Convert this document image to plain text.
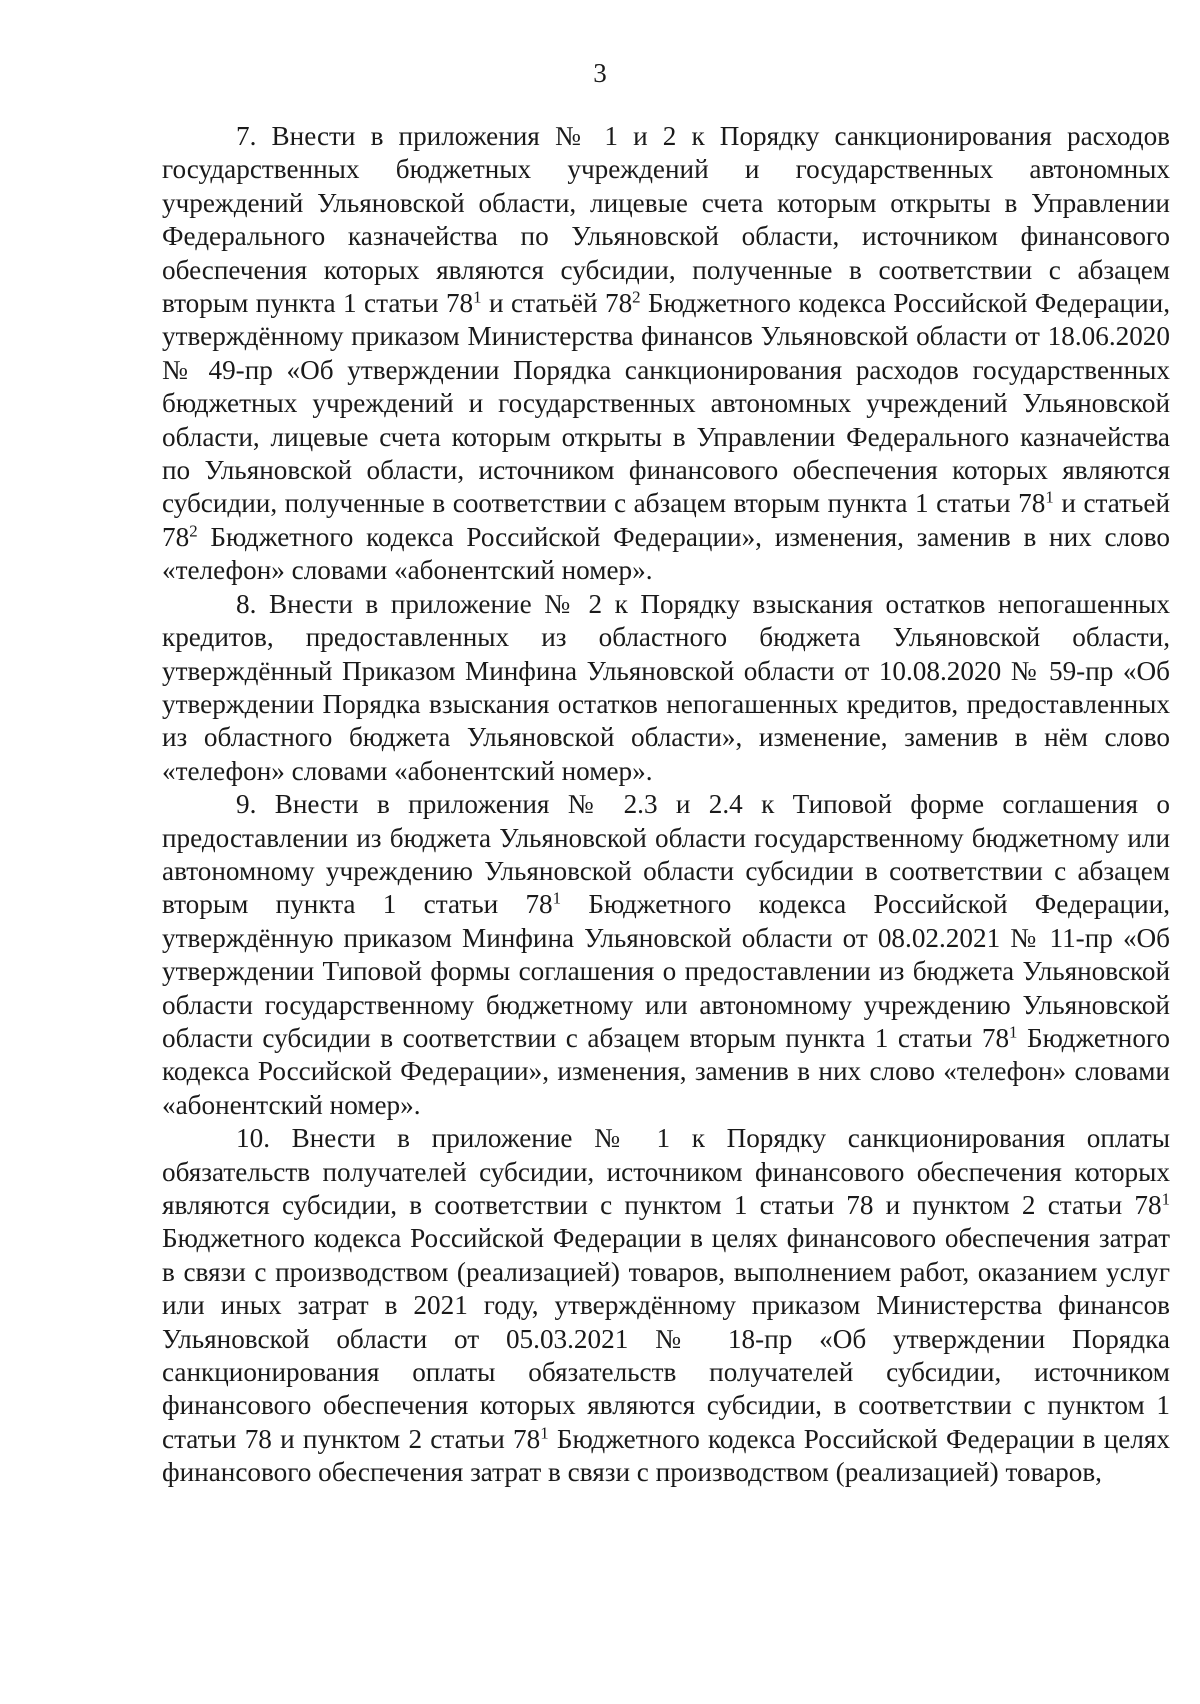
3

7. Внести в приложения № 1 и 2 к Порядку санкционирования расходов государственных бюджетных учреждений и государственных автономных учреждений Ульяновской области, лицевые счета которым открыты в Управлении Федерального казначейства по Ульяновской области, источником финансового обеспечения которых являются субсидии, полученные в соответствии с абзацем вторым пункта 1 статьи $78^1$ и статьёй $78^2$ Бюджетного кодекса Российской Федерации, утверждённому приказом Министерства финансов Ульяновской области от 18.06.2020 № 49-пр «Об утверждении Порядка санкционирования расходов государственных бюджетных учреждений и государственных автономных учреждений Ульяновской области, лицевые счета которым открыты в Управлении Федерального казначейства по Ульяновской области, источником финансового обеспечения которых являются субсидии, полученные в соответствии с абзацем вторым пункта 1 статьи $78^1$ и статьей $78^2$ Бюджетного кодекса Российской Федерации», изменения, заменив в них слово «телефон» словами «абонентский номер».

8. Внести в приложение № 2 к Порядку взыскания остатков непогашенных кредитов, предоставленных из областного бюджета Ульяновской области, утверждённый Приказом Минфина Ульяновской области от 10.08.2020 № 59-пр «Об утверждении Порядка взыскания остатков непогашенных кредитов, предоставленных из областного бюджета Ульяновской области», изменение, заменив в нём слово «телефон» словами «абонентский номер».

9. Внести в приложения № 2.3 и 2.4 к Типовой форме соглашения о предоставлении из бюджета Ульяновской области государственному бюджетному или автономному учреждению Ульяновской области субсидии в соответствии с абзацем вторым пункта 1 статьи $78^1$ Бюджетного кодекса Российской Федерации, утверждённую приказом Минфина Ульяновской области от 08.02.2021 № 11-пр «Об утверждении Типовой формы соглашения о предоставлении из бюджета Ульяновской области государственному бюджетному или автономному учреждению Ульяновской области субсидии в соответствии с абзацем вторым пункта 1 статьи $78^1$ Бюджетного кодекса Российской Федерации», изменения, заменив в них слово «телефон» словами «абонентский номер».

10. Внести в приложение № 1 к Порядку санкционирования оплаты обязательств получателей субсидии, источником финансового обеспечения которых являются субсидии, в соответствии с пунктом 1 статьи 78 и пунктом 2 статьи $78^1$ Бюджетного кодекса Российской Федерации в целях финансового обеспечения затрат в связи с производством (реализацией) товаров, выполнением работ, оказанием услуг или иных затрат в 2021 году, утверждённому приказом Министерства финансов Ульяновской области от 05.03.2021 № 18-пр «Об утверждении Порядка санкционирования оплаты обязательств получателей субсидии, источником финансового обеспечения которых являются субсидии, в соответствии с пунктом 1 статьи 78 и пунктом 2 статьи $78^1$ Бюджетного кодекса Российской Федерации в целях финансового обеспечения затрат в связи с производством (реализацией) товаров,
